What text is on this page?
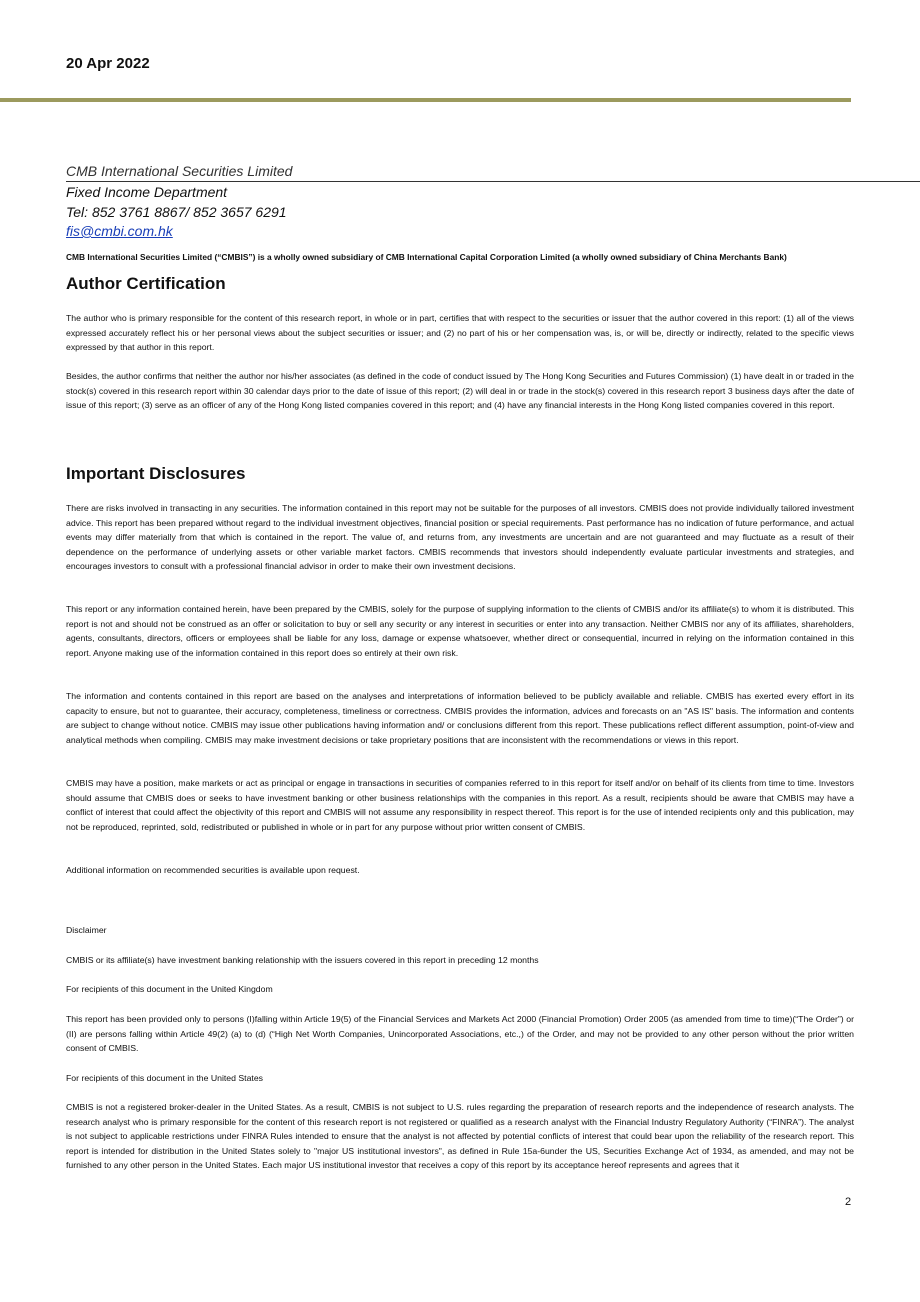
20 Apr 2022
CMB International Securities Limited
Fixed Income Department
Tel: 852 3761 8867/ 852 3657 6291
fis@cmbi.com.hk
CMB International Securities Limited (“CMBIS”) is a wholly owned subsidiary of CMB International Capital Corporation Limited (a wholly owned subsidiary of China Merchants Bank)
Author Certification

The author who is primary responsible for the content of this research report, in whole or in part, certifies that with respect to the securities or issuer that the author covered in this report: (1) all of the views expressed accurately reflect his or her personal views about the subject securities or issuer; and (2) no part of his or her compensation was, is, or will be, directly or indirectly, related to the specific views expressed by that author in this report.

Besides, the author confirms that neither the author nor his/her associates (as defined in the code of conduct issued by The Hong Kong Securities and Futures Commission) (1) have dealt in or traded in the stock(s) covered in this research report within 30 calendar days prior to the date of issue of this report; (2) will deal in or trade in the stock(s) covered in this research report 3 business days after the date of issue of this report; (3) serve as an officer of any of the Hong Kong listed companies covered in this report; and (4) have any financial interests in the Hong Kong listed companies covered in this report.

Important Disclosures

There are risks involved in transacting in any securities. The information contained in this report may not be suitable for the purposes of all investors. CMBIS does not provide individually tailored investment advice. This report has been prepared without regard to the individual investment objectives, financial position or special requirements. Past performance has no indication of future performance, and actual events may differ materially from that which is contained in the report. The value of, and returns from, any investments are uncertain and are not guaranteed and may fluctuate as a result of their dependence on the performance of underlying assets or other variable market factors. CMBIS recommends that investors should independently evaluate particular investments and strategies, and encourages investors to consult with a professional financial advisor in order to make their own investment decisions.

This report or any information contained herein, have been prepared by the CMBIS, solely for the purpose of supplying information to the clients of CMBIS and/or its affiliate(s) to whom it is distributed. This report is not and should not be construed as an offer or solicitation to buy or sell any security or any interest in securities or enter into any transaction. Neither CMBIS nor any of its affiliates, shareholders, agents, consultants, directors, officers or employees shall be liable for any loss, damage or expense whatsoever, whether direct or consequential, incurred in relying on the information contained in this report. Anyone making use of the information contained in this report does so entirely at their own risk.

The information and contents contained in this report are based on the analyses and interpretations of information believed to be publicly available and reliable. CMBIS has exerted every effort in its capacity to ensure, but not to guarantee, their accuracy, completeness, timeliness or correctness. CMBIS provides the information, advices and forecasts on an "AS IS" basis. The information and contents are subject to change without notice. CMBIS may issue other publications having information and/ or conclusions different from this report. These publications reflect different assumption, point-of-view and analytical methods when compiling. CMBIS may make investment decisions or take proprietary positions that are inconsistent with the recommendations or views in this report.

CMBIS may have a position, make markets or act as principal or engage in transactions in securities of companies referred to in this report for itself and/or on behalf of its clients from time to time. Investors should assume that CMBIS does or seeks to have investment banking or other business relationships with the companies in this report. As a result, recipients should be aware that CMBIS may have a conflict of interest that could affect the objectivity of this report and CMBIS will not assume any responsibility in respect thereof. This report is for the use of intended recipients only and this publication, may not be reproduced, reprinted, sold, redistributed or published in whole or in part for any purpose without prior written consent of CMBIS.

Additional information on recommended securities is available upon request.

Disclaimer

CMBIS or its affiliate(s) have investment banking relationship with the issuers covered in this report in preceding 12 months

For recipients of this document in the United Kingdom

This report has been provided only to persons (I)falling within Article 19(5) of the Financial Services and Markets Act 2000 (Financial Promotion) Order 2005 (as amended from time to time)(“The Order”) or (II) are persons falling within Article 49(2) (a) to (d) (“High Net Worth Companies, Unincorporated Associations, etc.,) of the Order, and may not be provided to any other person without the prior written consent of CMBIS.

For recipients of this document in the United States

CMBIS is not a registered broker-dealer in the United States. As a result, CMBIS is not subject to U.S. rules regarding the preparation of research reports and the independence of research analysts. The research analyst who is primary responsible for the content of this research report is not registered or qualified as a research analyst with the Financial Industry Regulatory Authority (“FINRA”). The analyst is not subject to applicable restrictions under FINRA Rules intended to ensure that the analyst is not affected by potential conflicts of interest that could bear upon the reliability of the research report. This report is intended for distribution in the United States solely to "major US institutional investors", as defined in Rule 15a-6under the US, Securities Exchange Act of 1934, as amended, and may not be furnished to any other person in the United States. Each major US institutional investor that receives a copy of this report by its acceptance hereof represents and agrees that it

2
